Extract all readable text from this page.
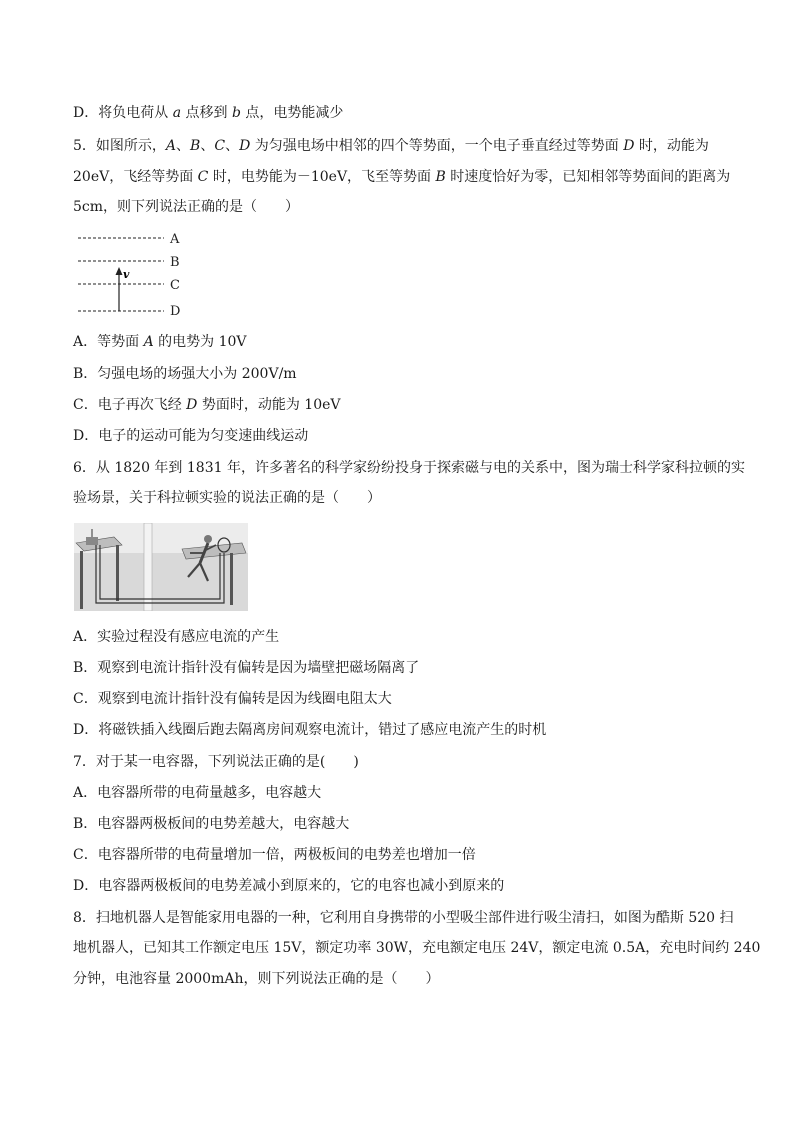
D．将负电荷从 a 点移到 b 点，电势能减少
5．如图所示，A、B、C、D 为匀强电场中相邻的四个等势面，一个电子垂直经过等势面 D 时，动能为
20eV，飞经等势面 C 时，电势能为－10eV，飞至等势面 B 时速度恰好为零，已知相邻等势面间的距离为
5cm，则下列说法正确的是（　　）
v
A
B
C
D
A．等势面 A 的电势为 10V
B．匀强电场的场强大小为 200V/m
C．电子再次飞经 D 势面时，动能为 10eV
D．电子的运动可能为匀变速曲线运动
6．从 1820 年到 1831 年，许多著名的科学家纷纷投身于探索磁与电的关系中，图为瑞士科学家科拉顿的实
验场景，关于科拉顿实验的说法正确的是（　　）
A．实验过程没有感应电流的产生
B．观察到电流计指针没有偏转是因为墙壁把磁场隔离了
C．观察到电流计指针没有偏转是因为线圈电阻太大
D．将磁铁插入线圈后跑去隔离房间观察电流计，错过了感应电流产生的时机
7．对于某一电容器，下列说法正确的是(　　)
A．电容器所带的电荷量越多，电容越大
B．电容器两极板间的电势差越大，电容越大
C．电容器所带的电荷量增加一倍，两极板间的电势差也增加一倍
D．电容器两极板间的电势差减小到原来的，它的电容也减小到原来的
8．扫地机器人是智能家用电器的一种，它利用自身携带的小型吸尘部件进行吸尘清扫，如图为酷斯 520 扫
地机器人，已知其工作额定电压 15V，额定功率 30W，充电额定电压 24V，额定电流 0.5A，充电时间约 240
分钟，电池容量 2000mAh，则下列说法正确的是（　　）
